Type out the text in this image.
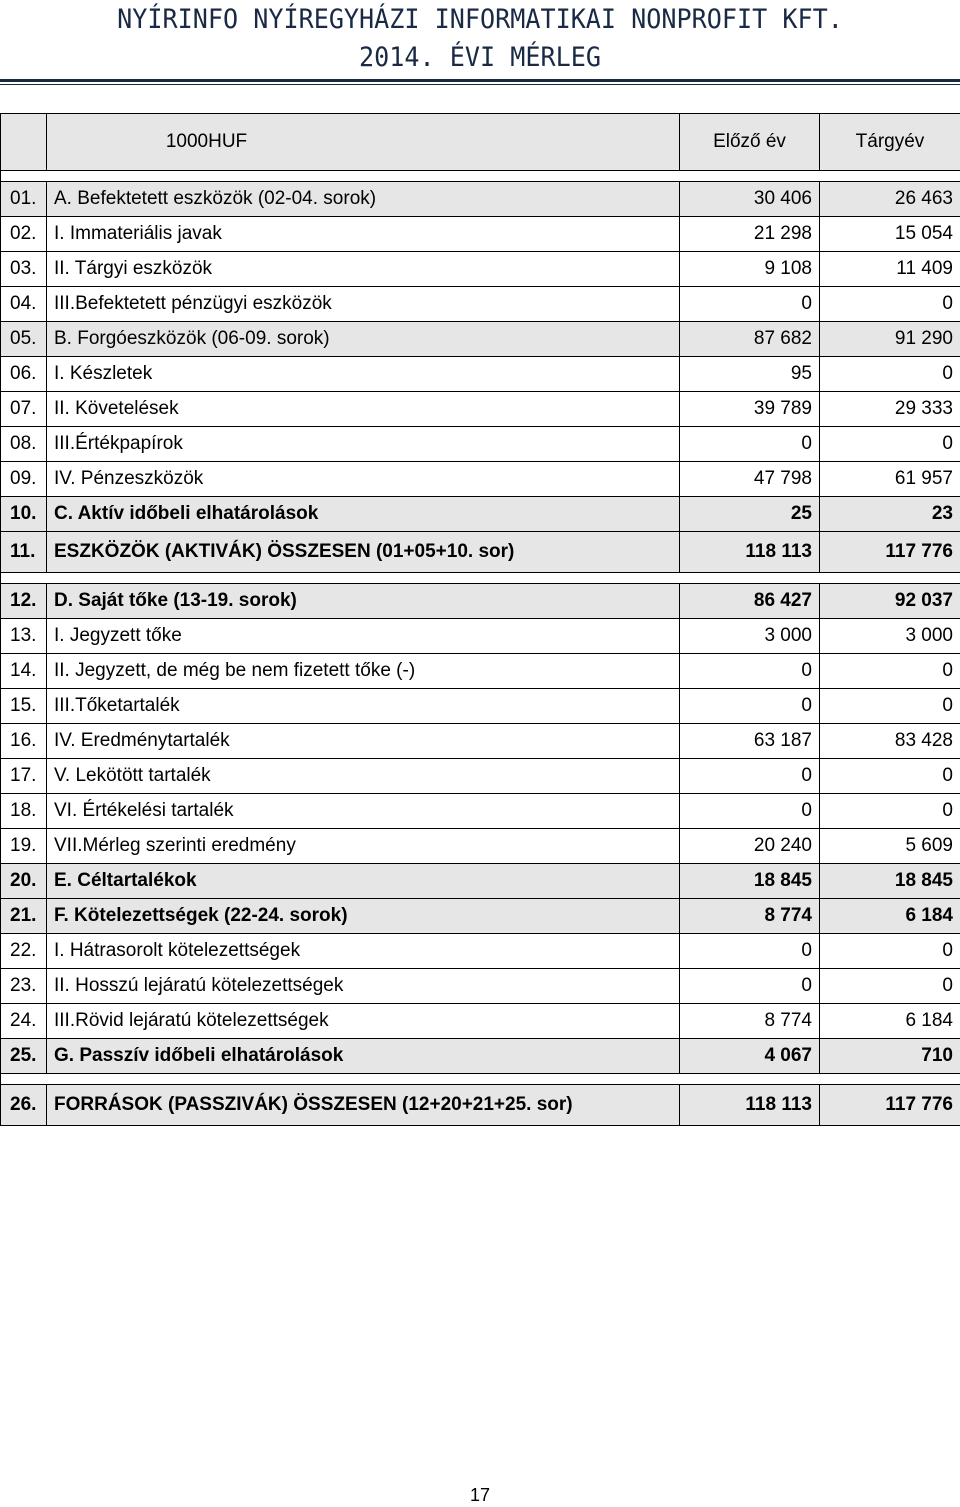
NYÍRINFO NYÍREGYHÁZI INFORMATIKAI NONPROFIT KFT.
2014. ÉVI MÉRLEG
	1000HUF	Előző év	Tárgyév

01.	A. Befektetett eszközök (02-04. sorok)	30 406	26 463
02.	I. Immateriális javak	21 298	15 054
03.	II. Tárgyi eszközök	9 108	11 409
04.	III.Befektetett pénzügyi eszközök	0	0
05.	B. Forgóeszközök (06-09. sorok)	87 682	91 290
06.	I. Készletek	95	0
07.	II. Követelések	39 789	29 333
08.	III.Értékpapírok	0	0
09.	IV. Pénzeszközök	47 798	61 957
10.	C. Aktív időbeli elhatárolások	25	23
11.	ESZKÖZÖK (AKTIVÁK) ÖSSZESEN (01+05+10. sor)	118 113	117 776

12.	D. Saját tőke (13-19. sorok)	86 427	92 037
13.	I. Jegyzett tőke	3 000	3 000
14.	II. Jegyzett, de még be nem fizetett tőke (-)	0	0
15.	III.Tőketartalék	0	0
16.	IV. Eredménytartalék	63 187	83 428
17.	V. Lekötött tartalék	0	0
18.	VI. Értékelési tartalék	0	0
19.	VII.Mérleg szerinti eredmény	20 240	5 609
20.	E. Céltartalékok	18 845	18 845
21.	F. Kötelezettségek (22-24. sorok)	8 774	6 184
22.	I. Hátrasorolt kötelezettségek	0	0
23.	II. Hosszú lejáratú kötelezettségek	0	0
24.	III.Rövid lejáratú kötelezettségek	8 774	6 184
25.	G. Passzív időbeli elhatárolások	4 067	710

26.	FORRÁSOK (PASSZIVÁK) ÖSSZESEN (12+20+21+25. sor)	118 113	117 776
17
